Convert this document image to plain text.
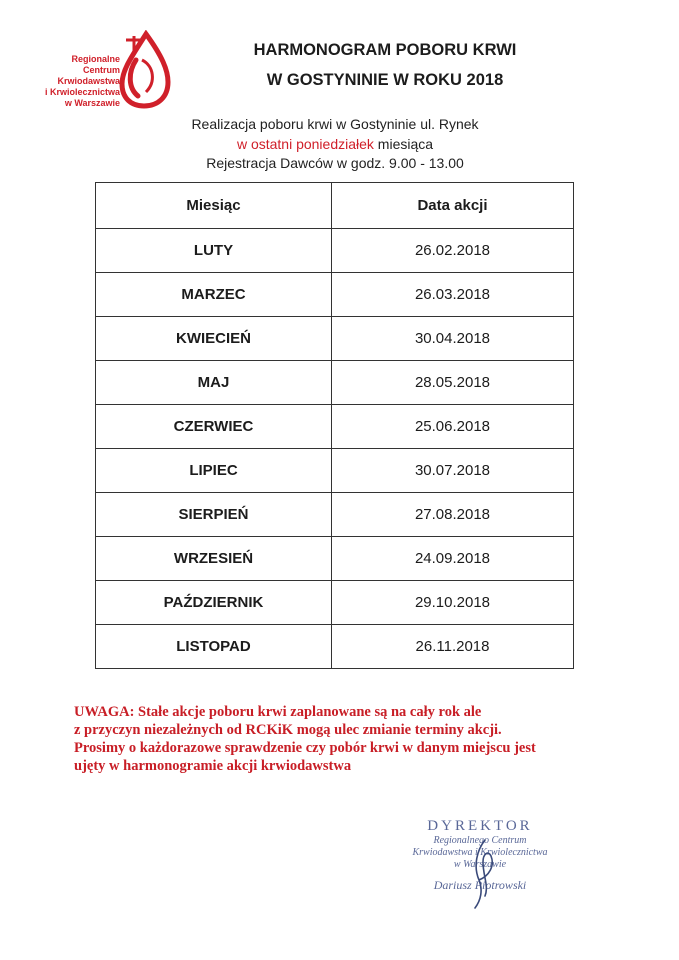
Regionalne
Centrum
Krwiodawstwa
i Krwiolecznictwa
w Warszawie
HARMONOGRAM POBORU KRWI
W GOSTYNINIE W ROKU 2018
Realizacja poboru krwi w Gostyninie ul. Rynek
w ostatni poniedziałek miesiąca
Rejestracja Dawców w godz. 9.00 - 13.00
Miesiąc	Data akcji
LUTY	26.02.2018
MARZEC	26.03.2018
KWIECIEŃ	30.04.2018
MAJ	28.05.2018
CZERWIEC	25.06.2018
LIPIEC	30.07.2018
SIERPIEŃ	27.08.2018
WRZESIEŃ	24.09.2018
PAŹDZIERNIK	29.10.2018
LISTOPAD	26.11.2018
UWAGA: Stałe akcje poboru krwi zaplanowane są na cały rok ale
z przyczyn niezależnych od RCKiK mogą ulec zmianie terminy akcji.
Prosimy o każdorazowe sprawdzenie czy pobór krwi w danym miejscu jest
ujęty w harmonogramie akcji krwiodawstwa
DYREKTOR
Regionalnego Centrum
Krwiodawstwa i Krwiolecznictwa
w Warszawie
Dariusz Piotrowski
